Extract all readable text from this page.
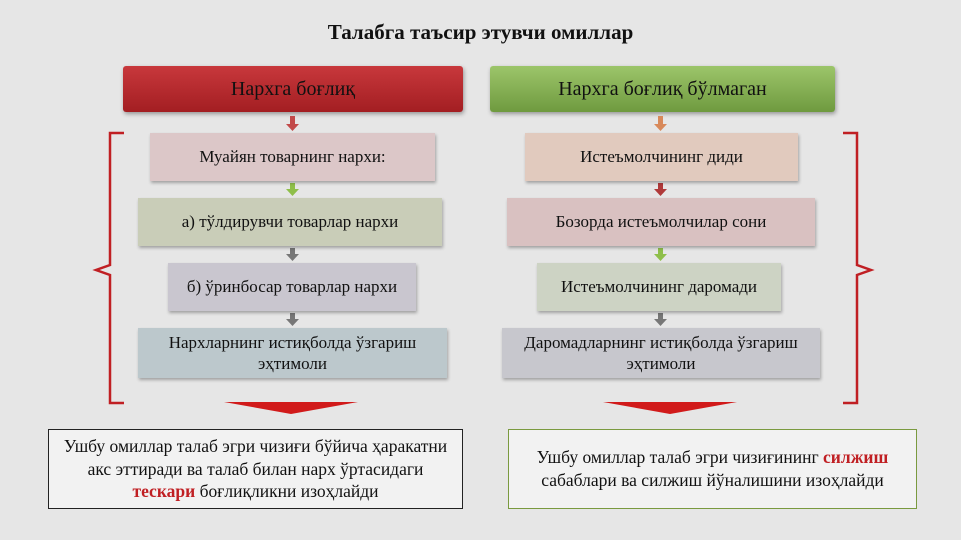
Талабга таъсир этувчи омиллар
Нархга боғлиқ	Нархга боғлиқ бўлмаган
Муайян товарнинг нархи:
а) тўлдирувчи товарлар нархи
б) ўринбосар товарлар нархи
Нархларнинг истиқболда ўзгариш эҳтимоли
Истеъмолчининг диди
Бозорда истеъмолчилар сони
Истеъмолчининг даромади
Даромадларнинг истиқболда ўзгариш эҳтимоли
Ушбу омиллар талаб эгри чизиғи бўйича ҳаракатни акс эттиради ва талаб билан нарх ўртасидаги тескари боғлиқликни изоҳлайди
Ушбу омиллар талаб эгри чизиғининг силжиш сабаблари ва силжиш йўналишини изоҳлайди
